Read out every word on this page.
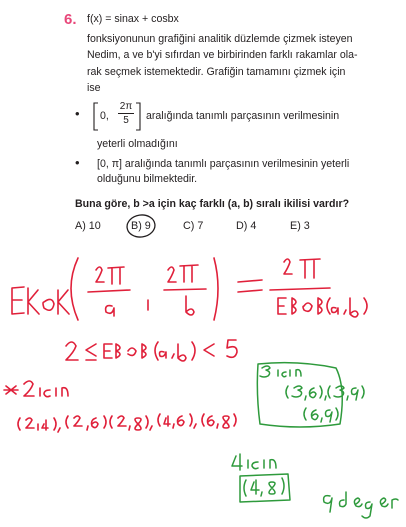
6. f(x) = sinax + cosbx
fonksiyonunun grafiğini analitik düzlemde çizmek isteyen
Nedim, a ve b'yi sıfırdan ve birbirinden farklı rakamlar ola-
rak seçmek istemektedir. Grafiğin tamamını çizmek için
ise
• 0,
2π
5	aralığında tanımlı parçasının verilmesinin
yeterli olmadığını
• [0, π] aralığında tanımlı parçasının verilmesinin yeterli
olduğunu bilmektedir.
Buna göre, b >a için kaç farklı (a, b) sıralı ikilisi vardır?
A) 10	B) 9	C) 7	D) 4	E) 3
